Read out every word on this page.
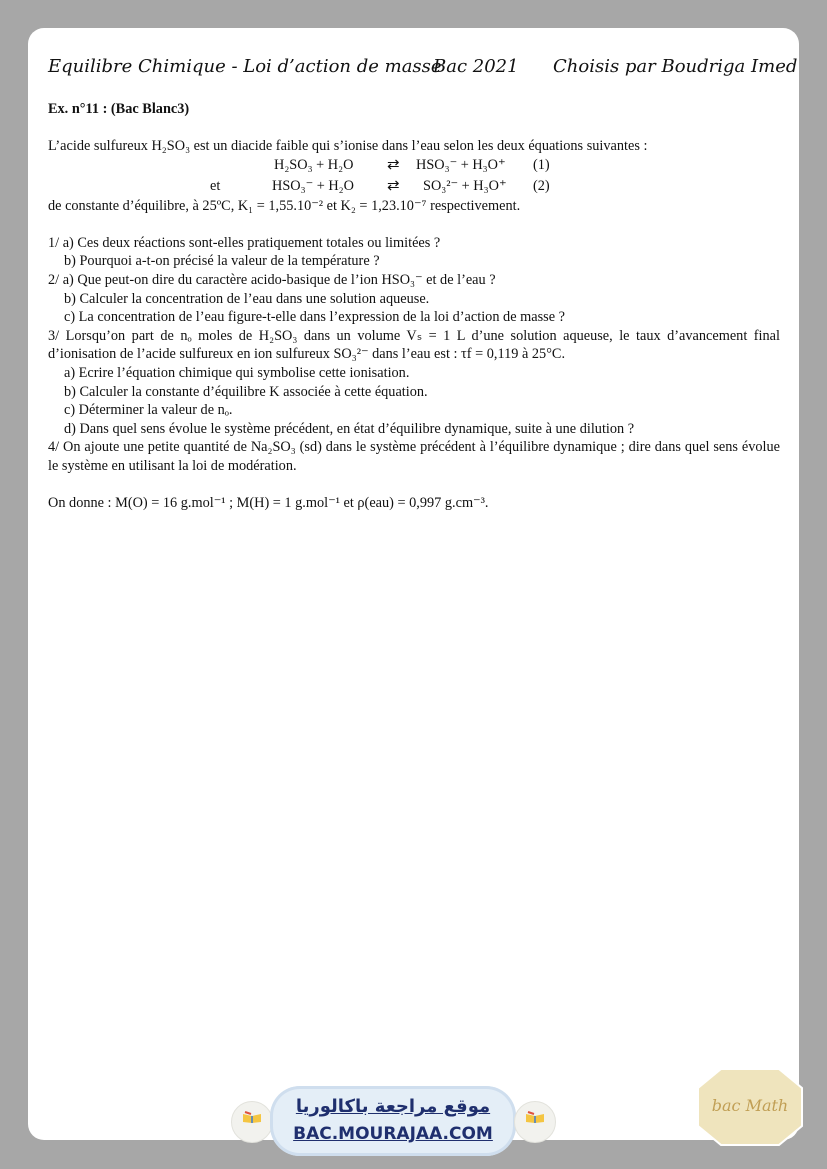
Equilibre Chimique - Loi d’action de masse
Bac 2021 Choisis par Boudriga Imed

Ex. n°11 : (Bac Blanc3)

L’acide sulfureux H₂SO₃ est un diacide faible qui s’ionise dans l’eau selon les deux équations suivantes :

H₂SO₃ + H₂O ⇄ HSO₃⁻ + H₃O⁺ (1)
et	HSO₃⁻ + H₂O ⇄ SO₃²⁻ + H₃O⁺ (2)

de constante d’équilibre, à 25ºC, K₁ = 1,55.10⁻² et K₂ = 1,23.10⁻⁷ respectivement.

1/ a) Ces deux réactions sont-elles pratiquement totales ou limitées ?

b) Pourquoi a-t-on précisé la valeur de la température ?

2/ a) Que peut-on dire du caractère acido-basique de l’ion HSO₃⁻ et de l’eau ?

b) Calculer la concentration de l’eau dans une solution aqueuse.

c) La concentration de l’eau figure-t-elle dans l’expression de la loi d’action de masse ?

3/ Lorsqu’on part de nₒ moles de H₂SO₃ dans un volume Vₛ = 1 L d’une solution aqueuse, le taux d’avancement final d’ionisation de l’acide sulfureux en ion sulfureux SO₃²⁻ dans l’eau est : τf = 0,119 à 25°C.

a) Ecrire l’équation chimique qui symbolise cette ionisation.

b) Calculer la constante d’équilibre K associée à cette équation.

c) Déterminer la valeur de nₒ.

d) Dans quel sens évolue le système précédent, en état d’équilibre dynamique, suite à une dilution ?

4/ On ajoute une petite quantité de Na₂SO₃ (sd) dans le système précédent à l’équilibre dynamique ; dire dans quel sens évolue le système en utilisant la loi de modération.

On donne : M(O) = 16 g.mol⁻¹ ; M(H) = 1 g.mol⁻¹ et ρ(eau) = 0,997 g.cm⁻³.

موقع مراجعة باكالوريا
BAC.MOURAJAA.COM
bac Math
